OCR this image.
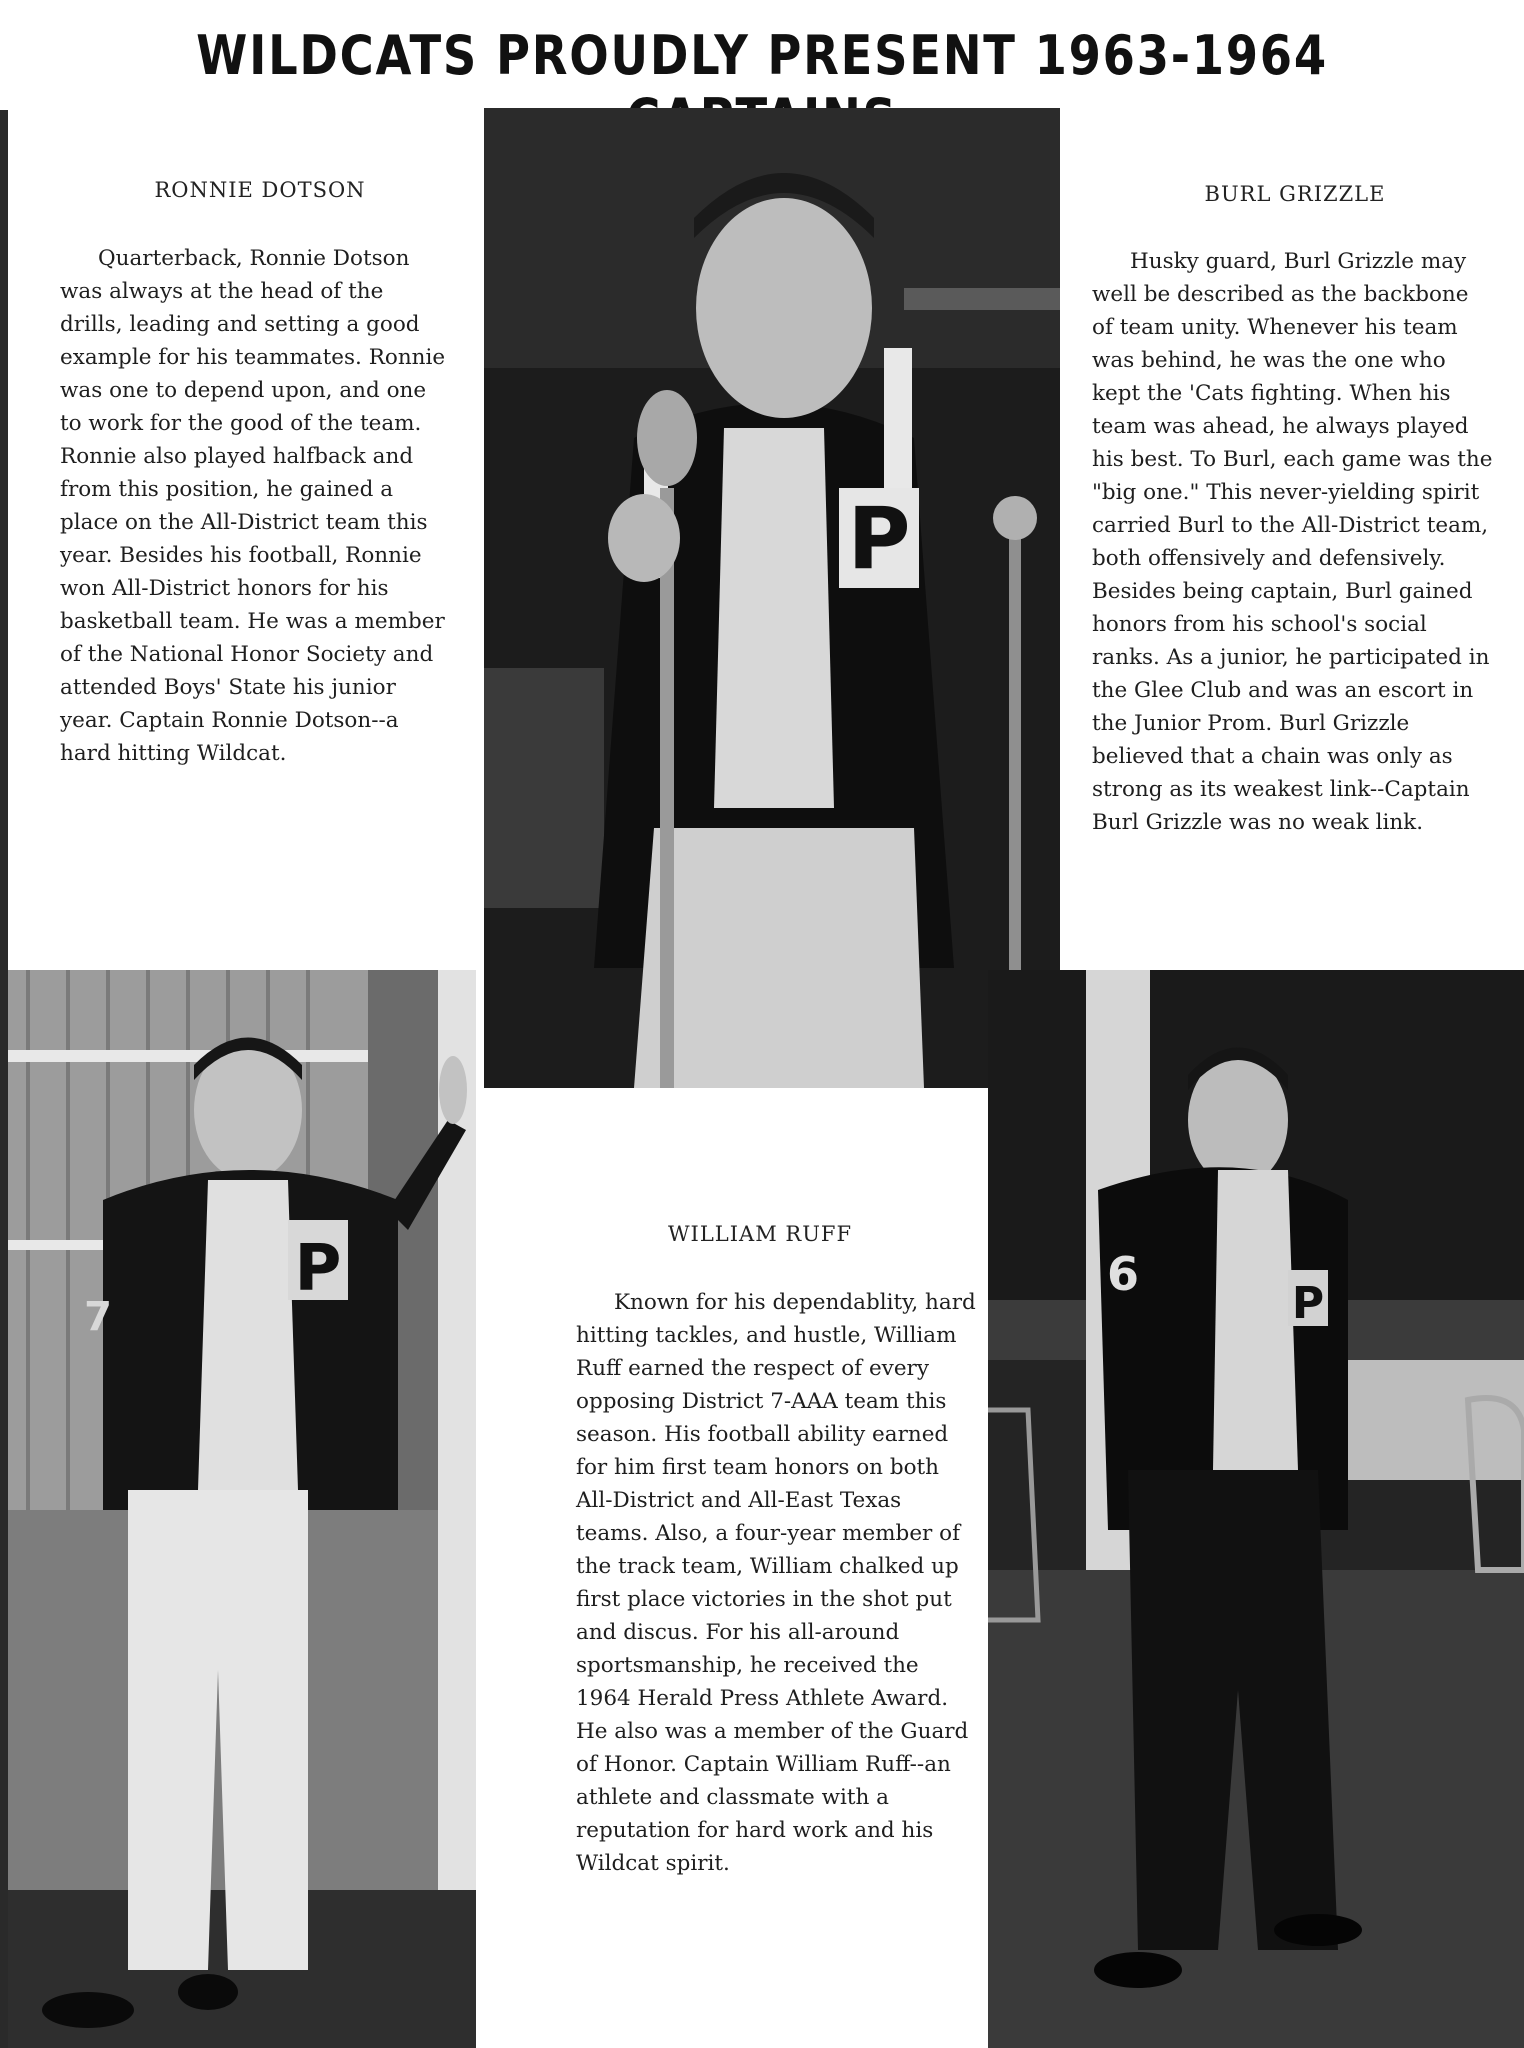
WILDCATS PROUDLY PRESENT 1963-1964
RONNIE DOTSON

Quarterback, Ronnie Dotson was always at the head of the drills, leading and setting a good example for his teammates. Ronnie was one to depend upon, and one to work for the good of the team. Ronnie also played halfback and from this position, he gained a place on the All-District team this year. Besides his football, Ronnie won All-District honors for his basketball team. He was a member of the National Honor Society and attended Boys' State his junior year. Captain Ronnie Dotson--a hard hitting Wildcat.

BURL GRIZZLE

Husky guard, Burl Grizzle may well be described as the backbone of team unity. Whenever his team was behind, he was the one who kept the 'Cats fighting. When his team was ahead, he always played his best. To Burl, each game was the "big one." This never-yielding spirit carried Burl to the All-District team, both offensively and defensively. Besides being captain, Burl gained honors from his school's social ranks. As a junior, he participated in the Glee Club and was an escort in the Junior Prom. Burl Grizzle believed that a chain was only as strong as its weakest link--Captain Burl Grizzle was no weak link.

WILLIAM RUFF

Known for his dependablity, hard hitting tackles, and hustle, William Ruff earned the respect of every opposing District 7-AAA team this season. His football ability earned for him first team honors on both All-District and All-East Texas teams. Also, a four-year member of the track team, William chalked up first place victories in the shot put and discus. For his all-around sportsmanship, he received the 1964 Herald Press Athlete Award. He also was a member of the Guard of Honor. Captain William Ruff--an athlete and classmate with a reputation for hard work and his Wildcat spirit.

P
P
7
6
P
